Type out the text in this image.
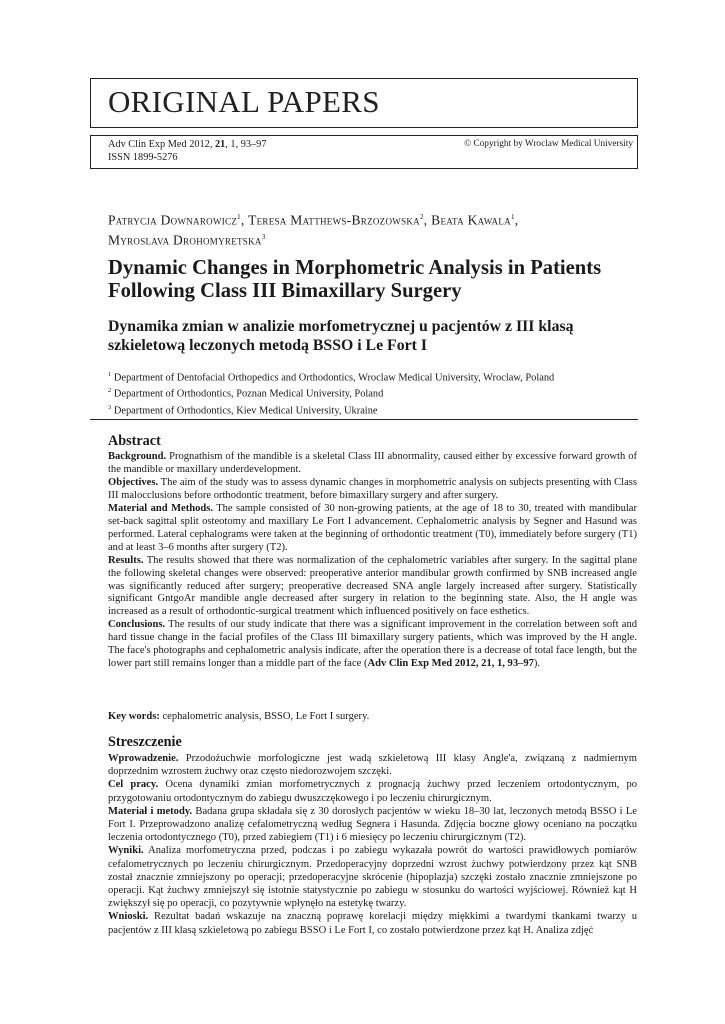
ORIGINAL PAPERS
Adv Clin Exp Med 2012, 21, 1, 93–97
ISSN 1899-5276
© Copyright by Wroclaw Medical University
Patrycja Downarowicz$^1$, Teresa Matthews-Brzozowska$^2$, Beata Kawala$^1$,
Myroslava Drohomyretska$^3$
Dynamic Changes in Morphometric Analysis in Patients Following Class III Bimaxillary Surgery
Dynamika zmian w analizie morfometrycznej u pacjentów z III klasą szkieletową leczonych metodą BSSO i Le Fort I
$^1$ Department of Dentofacial Orthopedics and Orthodontics, Wroclaw Medical University, Wroclaw, Poland
$^2$ Department of Orthodontics, Poznan Medical University, Poland
$^3$ Department of Orthodontics, Kiev Medical University, Ukraine
Abstract

Background. Prognathism of the mandible is a skeletal Class III abnormality, caused either by excessive forward growth of the mandible or maxillary underdevelopment.

Objectives. The aim of the study was to assess dynamic changes in morphometric analysis on subjects presenting with Class III malocclusions before orthodontic treatment, before bimaxillary surgery and after surgery.

Material and Methods. The sample consisted of 30 non-growing patients, at the age of 18 to 30, treated with mandibular set-back sagittal split osteotomy and maxillary Le Fort I advancement. Cephalometric analysis by Segner and Hasund was performed. Lateral cephalograms were taken at the beginning of orthodontic treatment (T0), immediately before surgery (T1) and at least 3–6 months after surgery (T2).

Results. The results showed that there was normalization of the cephalometric variables after surgery. In the sagittal plane the following skeletal changes were observed: preoperative anterior mandibular growth confirmed by SNB increased angle was significantly reduced after surgery; preoperative decreased SNA angle largely increased after surgery. Statistically significant GntgoAr mandible angle decreased after surgery in relation to the beginning state. Also, the H angle was increased as a result of orthodontic-surgical treatment which influenced positively on face esthetics.

Conclusions. The results of our study indicate that there was a significant improvement in the correlation between soft and hard tissue change in the facial profiles of the Class III bimaxillary surgery patients, which was improved by the H angle. The face's photographs and cephalometric analysis indicate, after the operation there is a decrease of total face length, but the lower part still remains longer than a middle part of the face (Adv Clin Exp Med 2012, 21, 1, 93–97).

Key words: cephalometric analysis, BSSO, Le Fort I surgery.
Streszczenie

Wprowadzenie. Przodożuchwie morfologiczne jest wadą szkieletową III klasy Angle'a, związaną z nadmiernym doprzednim wzrostem żuchwy oraz często niedorozwojem szczęki.

Cel pracy. Ocena dynamiki zmian morfometrycznych z prognacją żuchwy przed leczeniem ortodontycznym, po przygotowaniu ortodontycznym do zabiegu dwuszczękowego i po leczeniu chirurgicznym.

Materiał i metody. Badana grupa składała się z 30 dorosłych pacjentów w wieku 18–30 lat, leczonych metodą BSSO i Le Fort I. Przeprowadzono analizę cefalometryczną według Segnera i Hasunda. Zdjęcia boczne głowy oceniano na początku leczenia ortodontycznego (T0), przed zabiegiem (T1) i 6 miesięcy po leczeniu chirurgicznym (T2).

Wyniki. Analiza morfometryczna przed, podczas i po zabiegu wykazała powrót do wartości prawidłowych pomiarów cefalometrycznych po leczeniu chirurgicznym. Przedoperacyjny doprzedni wzrost żuchwy potwierdzony przez kąt SNB został znacznie zmniejszony po operacji; przedoperacyjne skrócenie (hipoplazja) szczęki zostało znacznie zmniejszone po operacji. Kąt żuchwy zmniejszył się istotnie statystycznie po zabiegu w stosunku do wartości wyjściowej. Również kąt H zwiększył się po operacji, co pozytywnie wpłynęło na estetykę twarzy.

Wnioski. Rezultat badań wskazuje na znaczną poprawę korelacji między miękkimi a twardymi tkankami twarzy u pacjentów z III klasą szkieletową po zabiegu BSSO i Le Fort I, co zostało potwierdzone przez kąt H. Analiza zdjęć
